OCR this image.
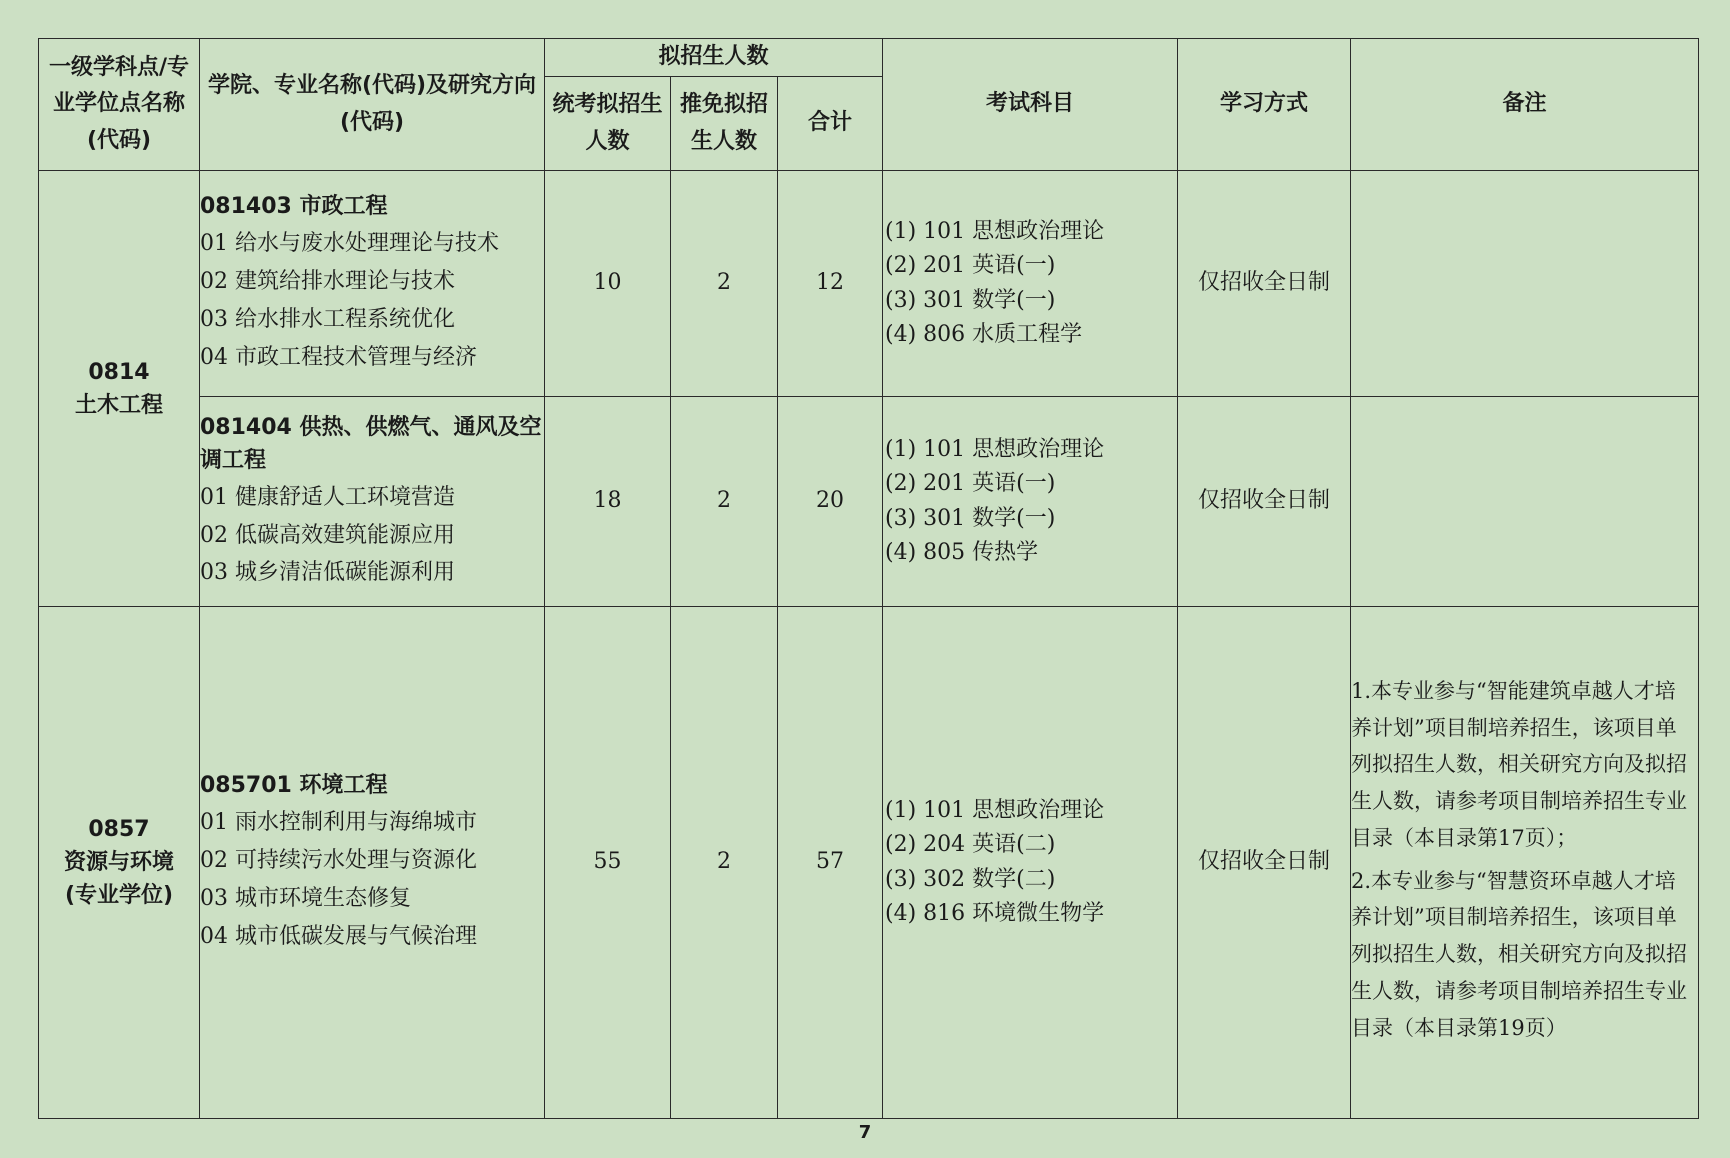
一级学科点/专业学位点名称(代码)	学院、专业名称(代码)及研究方向(代码)	拟招生人数			考试科目	学习方式	备注
		统考拟招生人数	推免拟招生人数	合计			

0814
土木工程	081403 市政工程
01 给水与废水处理理论与技术
02 建筑给排水理论与技术
03 给水排水工程系统优化
04 市政工程技术管理与经济	10	2	12	(1) 101 思想政治理论
(2) 201 英语(一)
(3) 301 数学(一)
(4) 806 水质工程学	仅招收全日制	

	081404 供热、供燃气、通风及空调工程
01 健康舒适人工环境营造
02 低碳高效建筑能源应用
03 城乡清洁低碳能源利用	18	2	20	(1) 101 思想政治理论
(2) 201 英语(一)
(3) 301 数学(一)
(4) 805 传热学	仅招收全日制	

0857
资源与环境
(专业学位)	085701 环境工程
01 雨水控制利用与海绵城市
02 可持续污水处理与资源化
03 城市环境生态修复
04 城市低碳发展与气候治理	55	2	57	(1) 101 思想政治理论
(2) 204 英语(二)
(3) 302 数学(二)
(4) 816 环境微生物学	仅招收全日制	1.本专业参与“智能建筑卓越人才培养计划”项目制培养招生，该项目单列拟招生人数，相关研究方向及拟招生人数，请参考项目制培养招生专业目录（本目录第17页）；
2.本专业参与“智慧资环卓越人才培养计划”项目制培养招生，该项目单列拟招生人数，相关研究方向及拟招生人数，请参考项目制培养招生专业目录（本目录第19页）
7
